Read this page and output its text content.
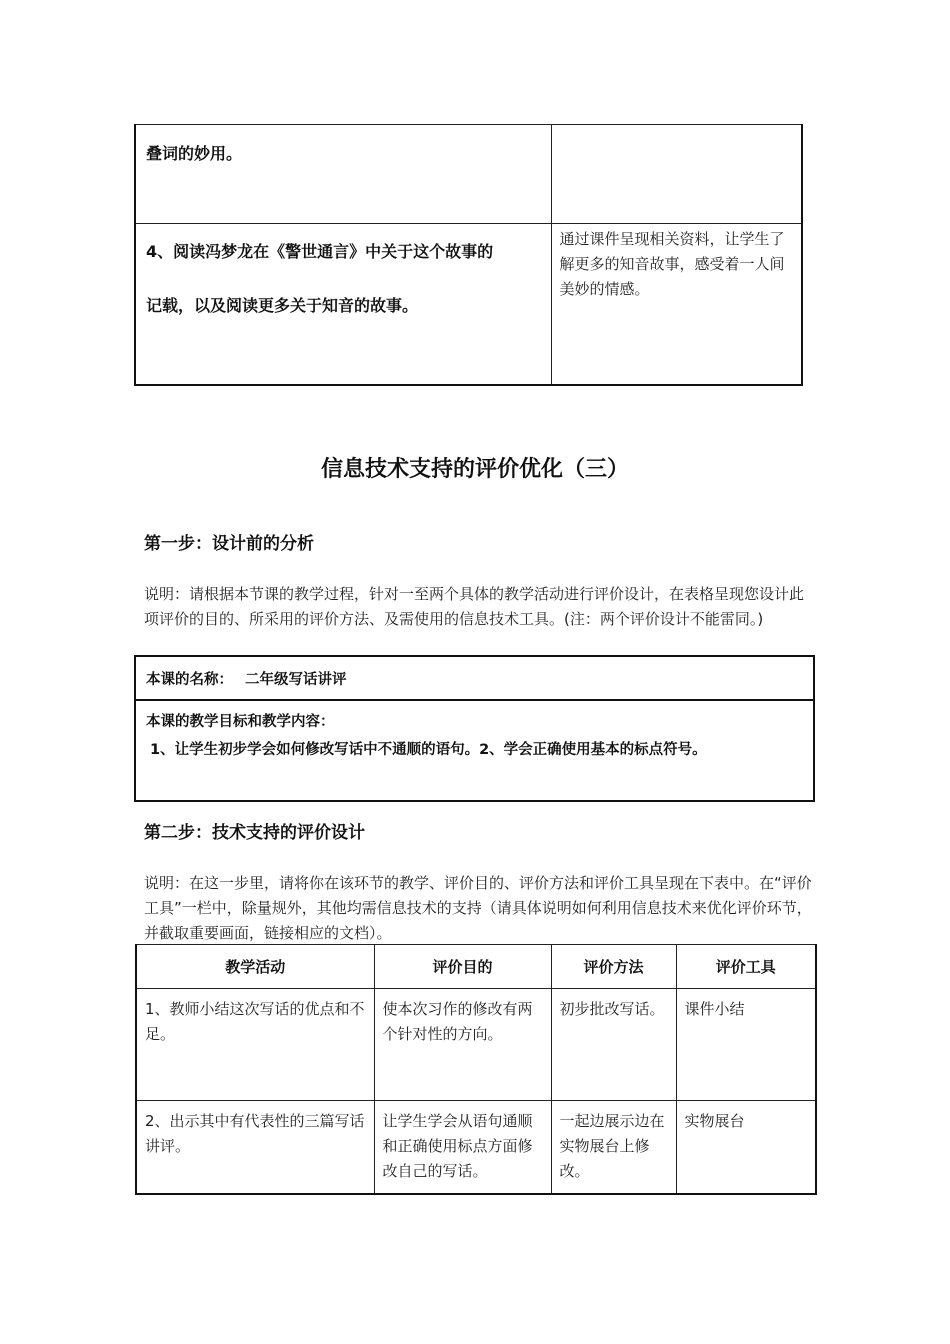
叠词的妙用。	

4、阅读冯梦龙在《警世通言》中关于这个故事的
记载，以及阅读更多关于知音的故事。	通过课件呈现相关资料，让学生了解更多的知音故事，感受着一人间美妙的情感。
信息技术支持的评价优化（三）
第一步：设计前的分析
说明：请根据本节课的教学过程，针对一至两个具体的教学活动进行评价设计，在表格呈现您设计此项评价的目的、所采用的评价方法、及需使用的信息技术工具。(注：两个评价设计不能雷同。)
本课的名称： 二年级写话讲评

本课的教学目标和教学内容：
1、让学生初步学会如何修改写话中不通顺的语句。2、学会正确使用基本的标点符号。
第二步：技术支持的评价设计
说明：在这一步里，请将你在该环节的教学、评价目的、评价方法和评价工具呈现在下表中。在“评价工具”一栏中，除量规外，其他均需信息技术的支持（请具体说明如何利用信息技术来优化评价环节，并截取重要画面，链接相应的文档）。
教学活动	评价目的	评价方法	评价工具
1、教师小结这次写话的优点和不足。	使本次习作的修改有两个针对性的方向。	初步批改写话。	课件小结
2、出示其中有代表性的三篇写话讲评。	让学生学会从语句通顺和正确使用标点方面修改自己的写话。	一起边展示边在实物展台上修改。	实物展台
